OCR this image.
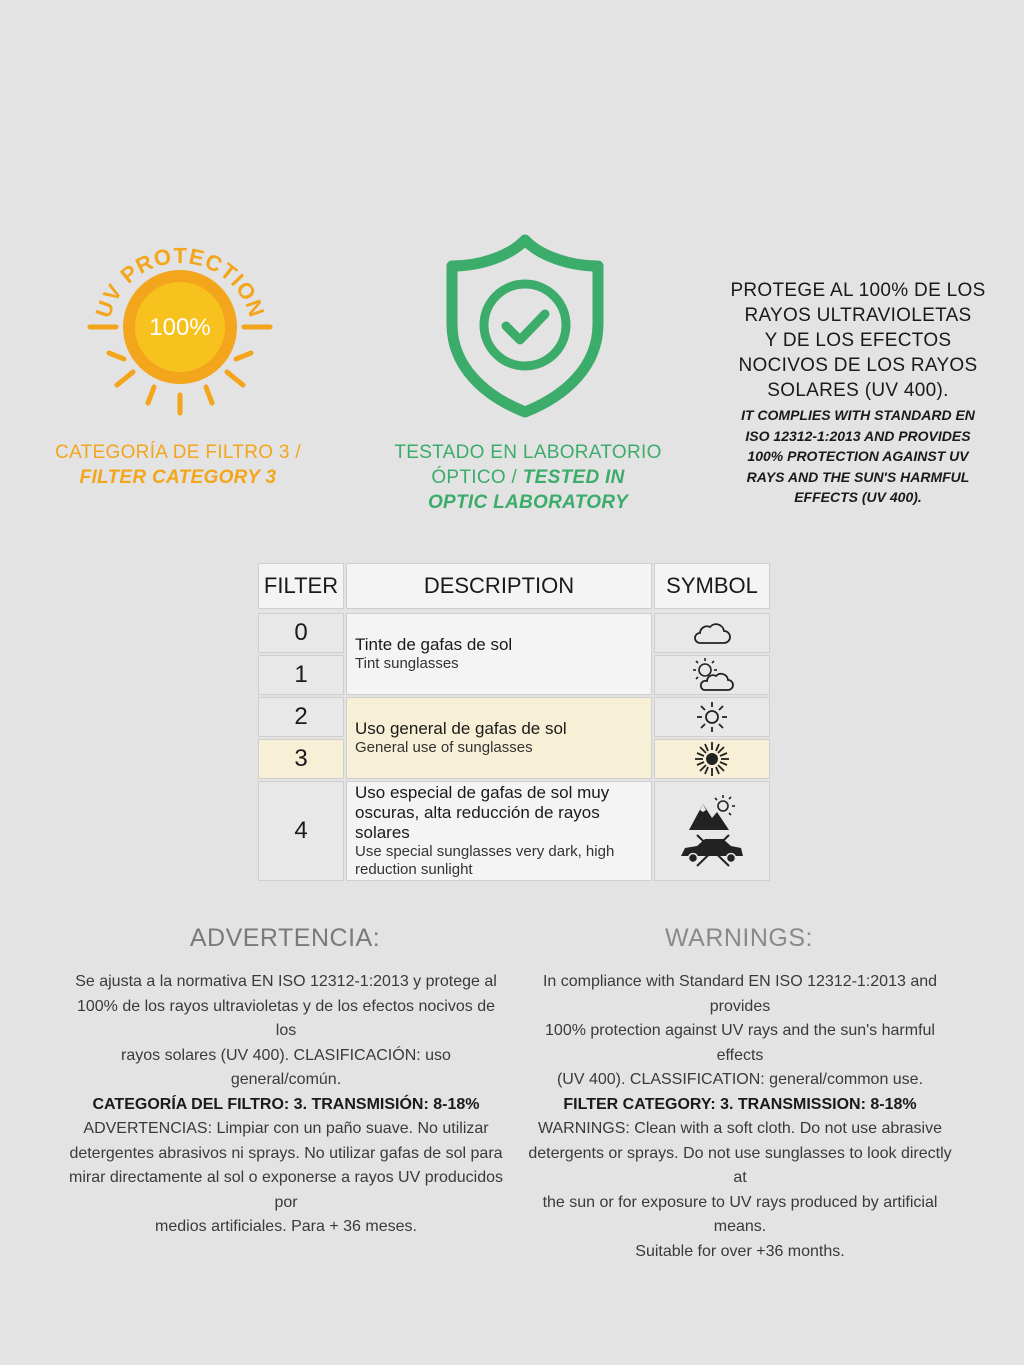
UV PROTECTION
100%
CATEGORÍA DE FILTRO 3 /
FILTER CATEGORY 3
TESTADO EN LABORATORIO
ÓPTICO / TESTED IN
OPTIC LABORATORY
PROTEGE AL 100% DE LOS
RAYOS ULTRAVIOLETAS
Y DE LOS EFECTOS
NOCIVOS DE LOS RAYOS
SOLARES (UV 400).
IT COMPLIES WITH STANDARD EN
ISO 12312-1:2013 AND PROVIDES
100% PROTECTION AGAINST UV
RAYS AND THE SUN'S HARMFUL
EFFECTS (UV 400).
FILTER	DESCRIPTION	SYMBOL
0
1
2
3
4
Tinte de gafas de sol
Tint sunglasses
Uso general de gafas de sol
General use of sunglasses
Uso especial de gafas de sol muy oscuras, alta reducción de rayos solares
Use special sunglasses very dark, high reduction sunlight
ADVERTENCIA:
Se ajusta a la normativa EN ISO 12312-1:2013 y protege al
100% de los rayos ultravioletas y de los efectos nocivos de los
rayos solares (UV 400). CLASIFICACIÓN: uso general/común.
CATEGORÍA DEL FILTRO: 3. TRANSMISIÓN: 8-18%
ADVERTENCIAS: Limpiar con un paño suave. No utilizar
detergentes abrasivos ni sprays. No utilizar gafas de sol para
mirar directamente al sol o exponerse a rayos UV producidos por
medios artificiales. Para + 36 meses.
WARNINGS:
In compliance with Standard EN ISO 12312-1:2013 and provides
100% protection against UV rays and the sun's harmful effects
(UV 400). CLASSIFICATION: general/common use.
FILTER CATEGORY: 3. TRANSMISSION: 8-18%
WARNINGS: Clean with a soft cloth. Do not use abrasive
detergents or sprays. Do not use sunglasses to look directly at
the sun or for exposure to UV rays produced by artificial means.
Suitable for over +36 months.
